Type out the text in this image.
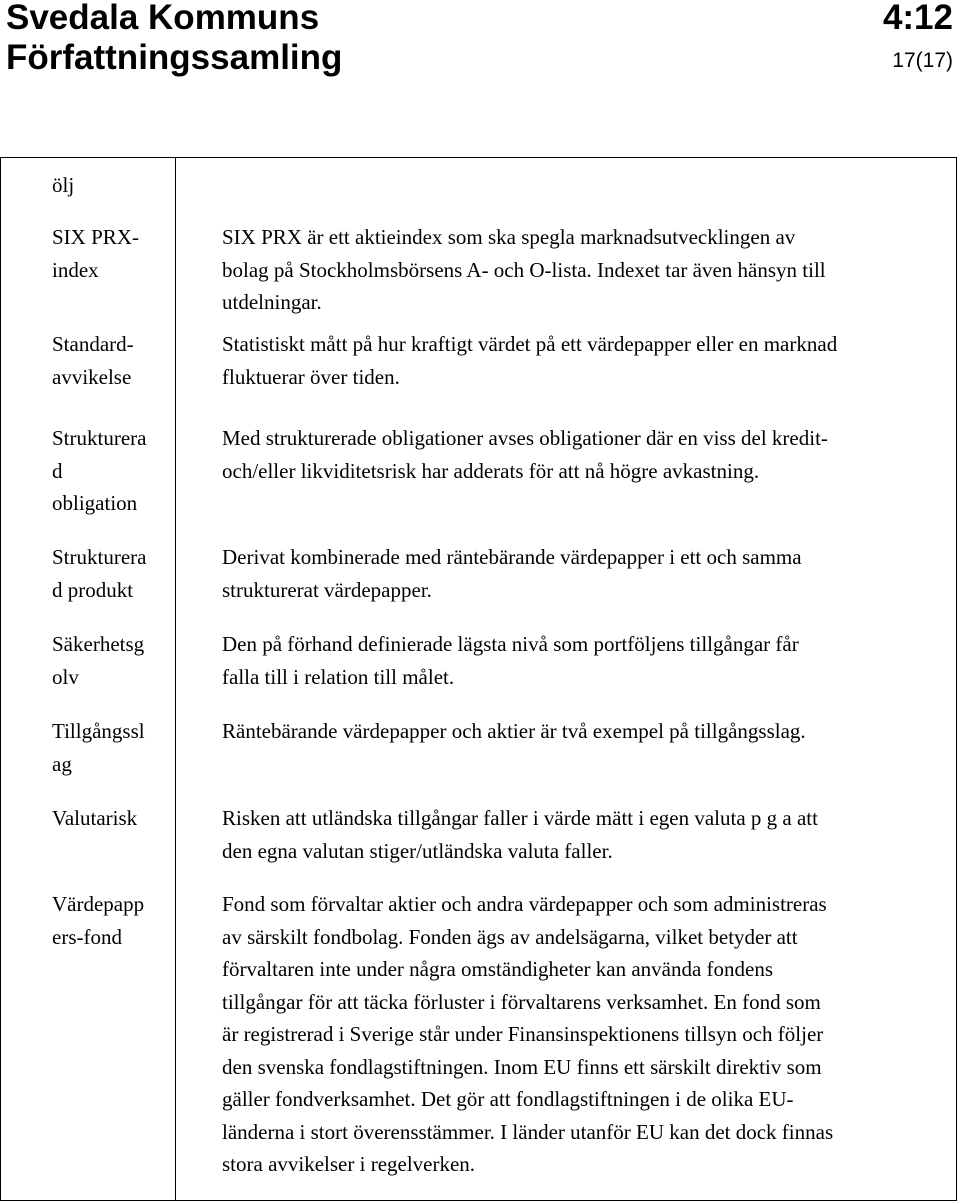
Svedala Kommuns
Författningssamling
4:12
17(17)
ölj
SIX PRX-
index
SIX PRX är ett aktieindex som ska spegla marknadsutvecklingen av
bolag på Stockholmsbörsens A- och O-lista. Indexet tar även hänsyn till
utdelningar.
Standard-
avvikelse
Statistiskt mått på hur kraftigt värdet på ett värdepapper eller en marknad
fluktuerar över tiden.
Strukturera
d
obligation
Med strukturerade obligationer avses obligationer där en viss del kredit-
och/eller likviditetsrisk har adderats för att nå högre avkastning.
Strukturera
d produkt
Derivat kombinerade med räntebärande värdepapper i ett och samma
strukturerat värdepapper.
Säkerhetsg
olv
Den på förhand definierade lägsta nivå som portföljens tillgångar får
falla till i relation till målet.
Tillgångssl
ag
Räntebärande värdepapper och aktier är två exempel på tillgångsslag.
Valutarisk	Risken att utländska tillgångar faller i värde mätt i egen valuta p g a att
den egna valutan stiger/utländska valuta faller.
Värdepapp
ers-fond
Fond som förvaltar aktier och andra värdepapper och som administreras
av särskilt fondbolag. Fonden ägs av andelsägarna, vilket betyder att
förvaltaren inte under några omständigheter kan använda fondens
tillgångar för att täcka förluster i förvaltarens verksamhet. En fond som
är registrerad i Sverige står under Finansinspektionens tillsyn och följer
den svenska fondlagstiftningen. Inom EU finns ett särskilt direktiv som
gäller fondverksamhet. Det gör att fondlagstiftningen i de olika EU-
länderna i stort överensstämmer. I länder utanför EU kan det dock finnas
stora avvikelser i regelverken.
